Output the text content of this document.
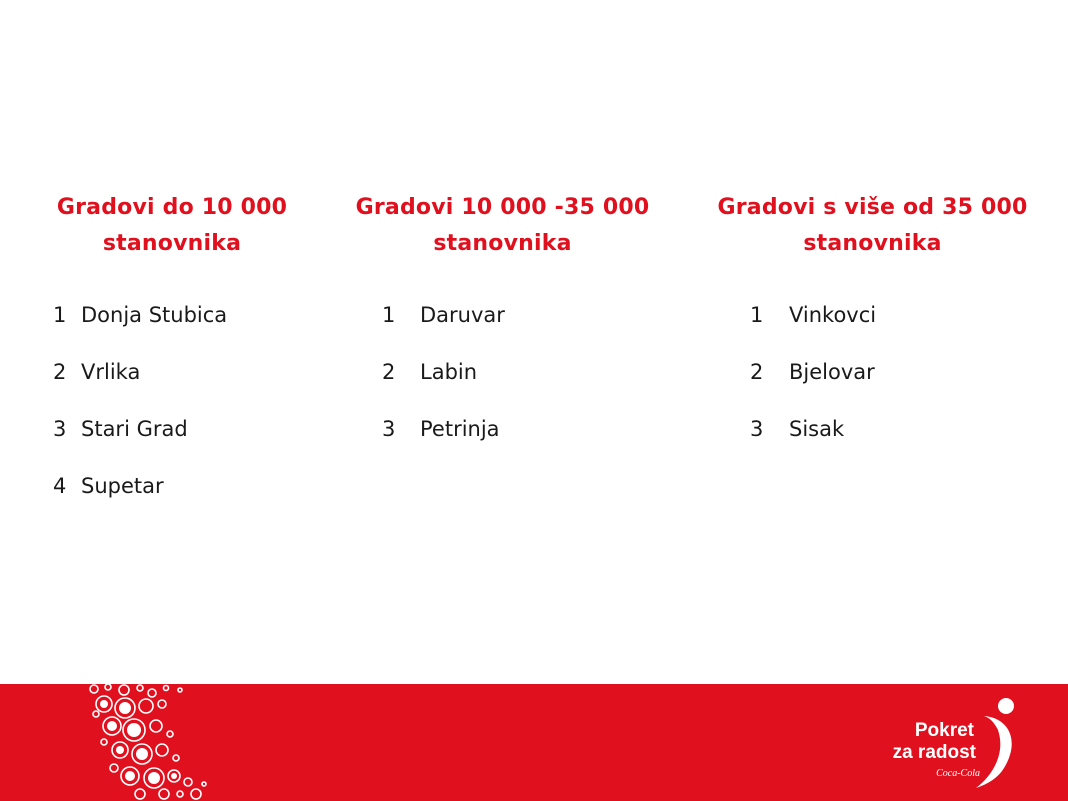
Gradovi do 10 000
stanovnika
1 Donja Stubica
2 Vrlika
3 Stari Grad
4 Supetar
Gradovi 10 000 -35 000
stanovnika
1 Daruvar
2 Labin
3 Petrinja
Gradovi s više od 35 000
stanovnika
1 Vinkovci
2 Bjelovar
3 Sisak
Pokret
za radost
Coca-Cola
